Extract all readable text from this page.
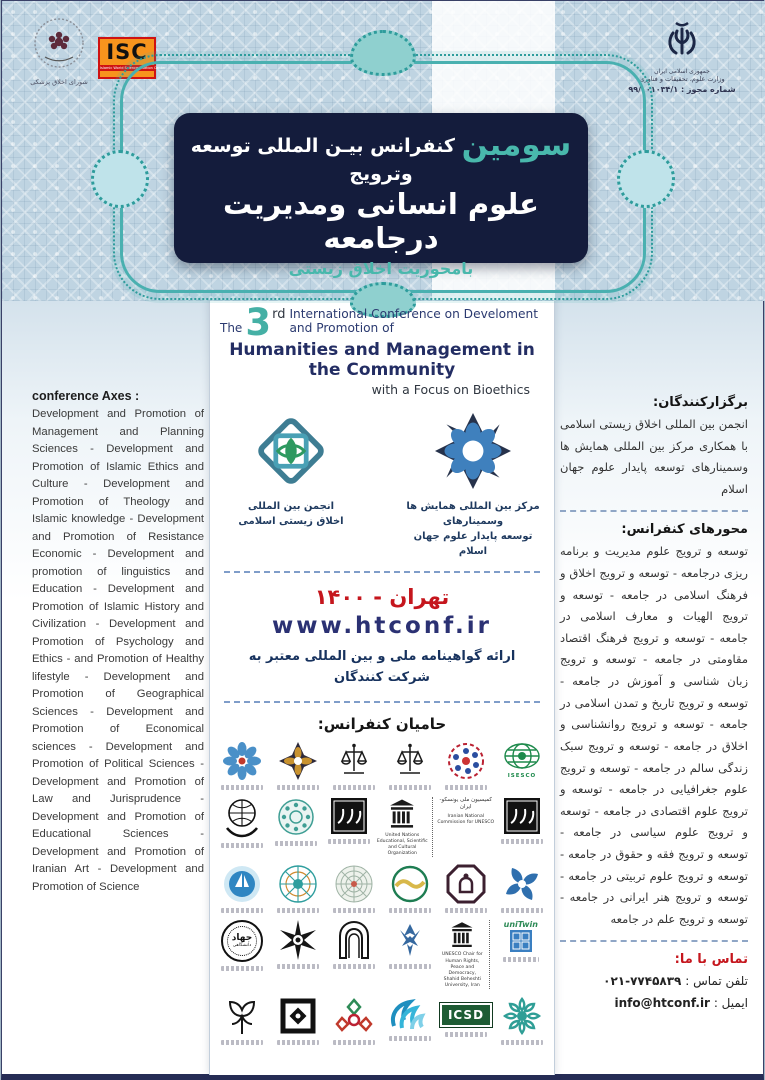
شورای اخلاق پزشکی
ISC
Islamic World Science Citation Center	جمهوری اسلامی ایران
وزارت علوم، تحقیقات و فناوری
شماره مجوز : ۹۹/۰۰۱۰۳۴/۱
سومین کنفرانس بیـن المللی توسعه وترویج
علوم انسانی ومدیریت درجامعه
بامحوریت اخلاق زیستی
The 3 rd International Conference on Develoment and Promotion of
Humanities and Management in the Community
with a Focus on Bioethics
انجمن بین المللی
اخلاق زیستی اسلامی
مرکز بین المللی همایش ها وسمینارهای
توسعه پایدار علوم جهان اسلام
تهران - ۱۴۰۰
www.htconf.ir
ارائه گواهینامه ملی و بین المللی معتبر به
شرکت کنندگان
حامیان کنفرانس:
ISESCO
United Nations Educational, Scientific and Cultural Organization
کمیسیون ملی یونسکو- ایران
Iranian National Commission for UNESCO
جهاد
دانشگاهی
UNESCO Chair for Human Rights, Peace and Democracy, Shahid Beheshti University, Iran
uniTwin
ICSD
conference Axes :
Development and Promotion of Management and Planning Sciences - Development and Promotion of Islamic Ethics and Culture - Development and Promotion of Theology and Islamic knowledge - Development and Promotion of Resistance Economic - Development and promotion of linguistics and Education - Development and Promotion of Islamic History and Civilization - Development and Promotion of Psychology and Ethics - and Promotion of Healthy lifestyle - Development and Promotion of Geographical Sciences - Development and Promotion of Economical sciences - Development and Promotion of Political Sciences - Development and Promotion of Law and Jurisprudence - Development and Promotion of Educational Sciences - Development and Promotion of Iranian Art - Development and Promotion of Science
برگزارکنندگان:
انجمن بین المللی اخلاق زیستی اسلامی با همکاری مرکز بین المللی همایش ها وسمینارهای توسعه پایدار علوم جهان اسلام
محورهای کنفرانس:
توسعه و ترویج علوم مدیریت و برنامه ریزی درجامعه - توسعه و ترویج اخلاق و فرهنگ اسلامی در جامعه - توسعه و ترویج الهیات و معارف اسلامی در جامعه - توسعه و ترویج فرهنگ اقتصاد مقاومتی در جامعه - توسعه و ترویج زبان شناسی و آموزش در جامعه - توسعه و ترویج تاریخ و تمدن اسلامی در جامعه - توسعه و ترویج روانشناسی و اخلاق در جامعه - توسعه و ترویج سبک زندگی سالم در جامعه - توسعه و ترویج علوم جغرافیایی در جامعه - توسعه و ترویج علوم اقتصادی در جامعه - توسعه و ترویج علوم سیاسی در جامعه - توسعه و ترویج فقه و حقوق در جامعه - توسعه و ترویج علوم تربیتی در جامعه - توسعه و ترویج هنر ایرانی در جامعه - توسعه و ترویج علم در جامعه
تماس با ما:
تلفن تماس : ۰۲۱-۷۷۴۵۸۳۹
ایمیل : info@htconf.ir
